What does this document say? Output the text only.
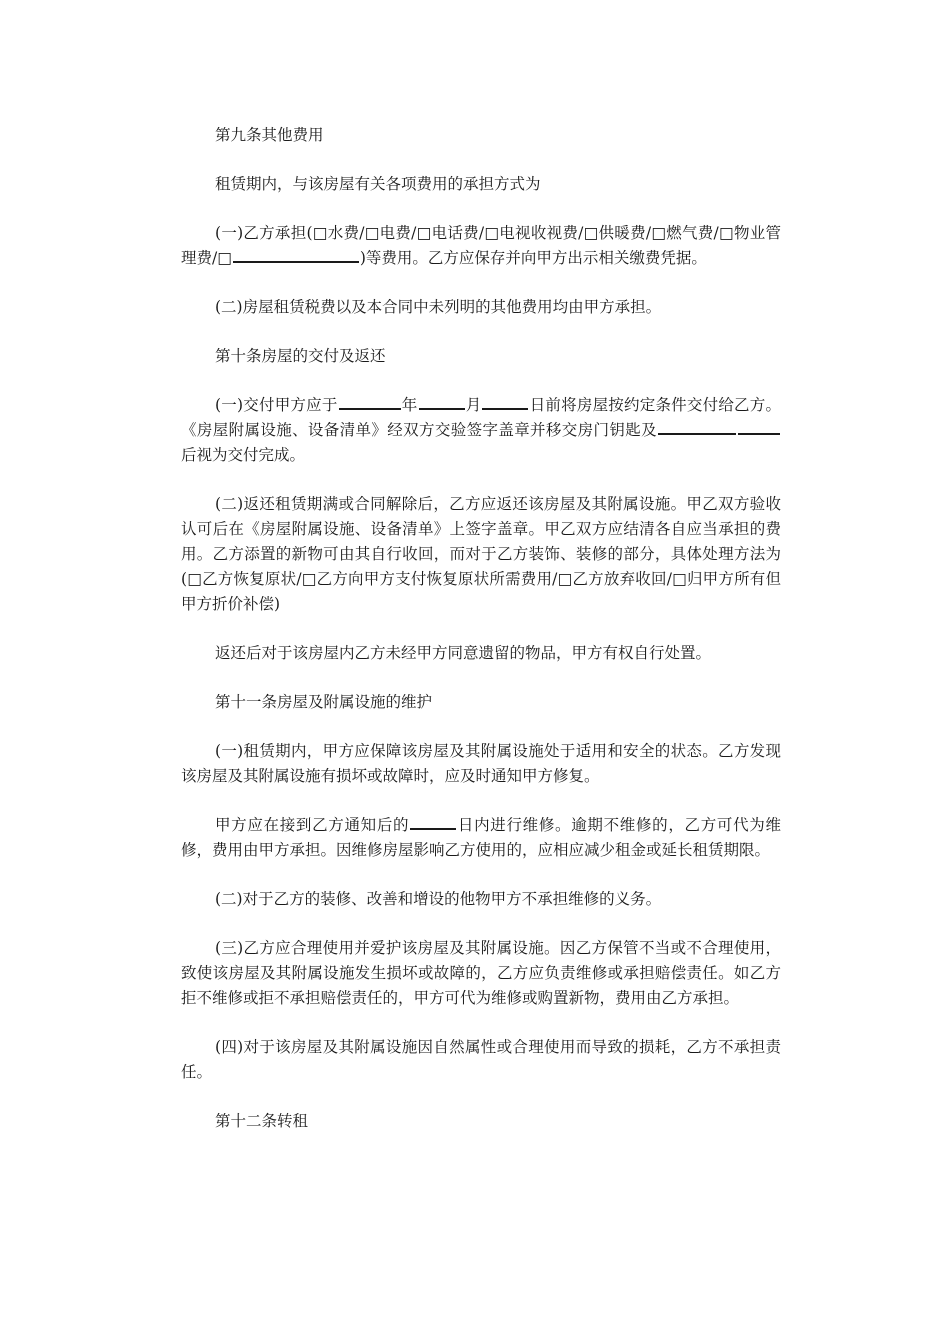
第九条其他费用

租赁期内，与该房屋有关各项费用的承担方式为

(一)乙方承担(□水费/□电费/□电话费/□电视收视费/□供暖费/□燃气费/□物业管理费/□	)等费用。乙方应保存并向甲方出示相关缴费凭据。

(二)房屋租赁税费以及本合同中未列明的其他费用均由甲方承担。

第十条房屋的交付及返还

(一)交付甲方应于	年	月	日前将房屋按约定条件交付给乙方。《房屋附属设施、设备清单》经双方交验签字盖章并移交房门钥匙及后视为交付完成。

(二)返还租赁期满或合同解除后，乙方应返还该房屋及其附属设施。甲乙双方验收认可后在《房屋附属设施、设备清单》上签字盖章。甲乙双方应结清各自应当承担的费用。乙方添置的新物可由其自行收回，而对于乙方装饰、装修的部分，具体处理方法为(□乙方恢复原状/□乙方向甲方支付恢复原状所需费用/□乙方放弃收回/□归甲方所有但甲方折价补偿)

返还后对于该房屋内乙方未经甲方同意遗留的物品，甲方有权自行处置。

第十一条房屋及附属设施的维护

(一)租赁期内，甲方应保障该房屋及其附属设施处于适用和安全的状态。乙方发现该房屋及其附属设施有损坏或故障时，应及时通知甲方修复。

甲方应在接到乙方通知后的	日内进行维修。逾期不维修的，乙方可代为维修，费用由甲方承担。因维修房屋影响乙方使用的，应相应减少租金或延长租赁期限。

(二)对于乙方的装修、改善和增设的他物甲方不承担维修的义务。

(三)乙方应合理使用并爱护该房屋及其附属设施。因乙方保管不当或不合理使用，致使该房屋及其附属设施发生损坏或故障的，乙方应负责维修或承担赔偿责任。如乙方拒不维修或拒不承担赔偿责任的，甲方可代为维修或购置新物，费用由乙方承担。

(四)对于该房屋及其附属设施因自然属性或合理使用而导致的损耗，乙方不承担责任。

第十二条转租
